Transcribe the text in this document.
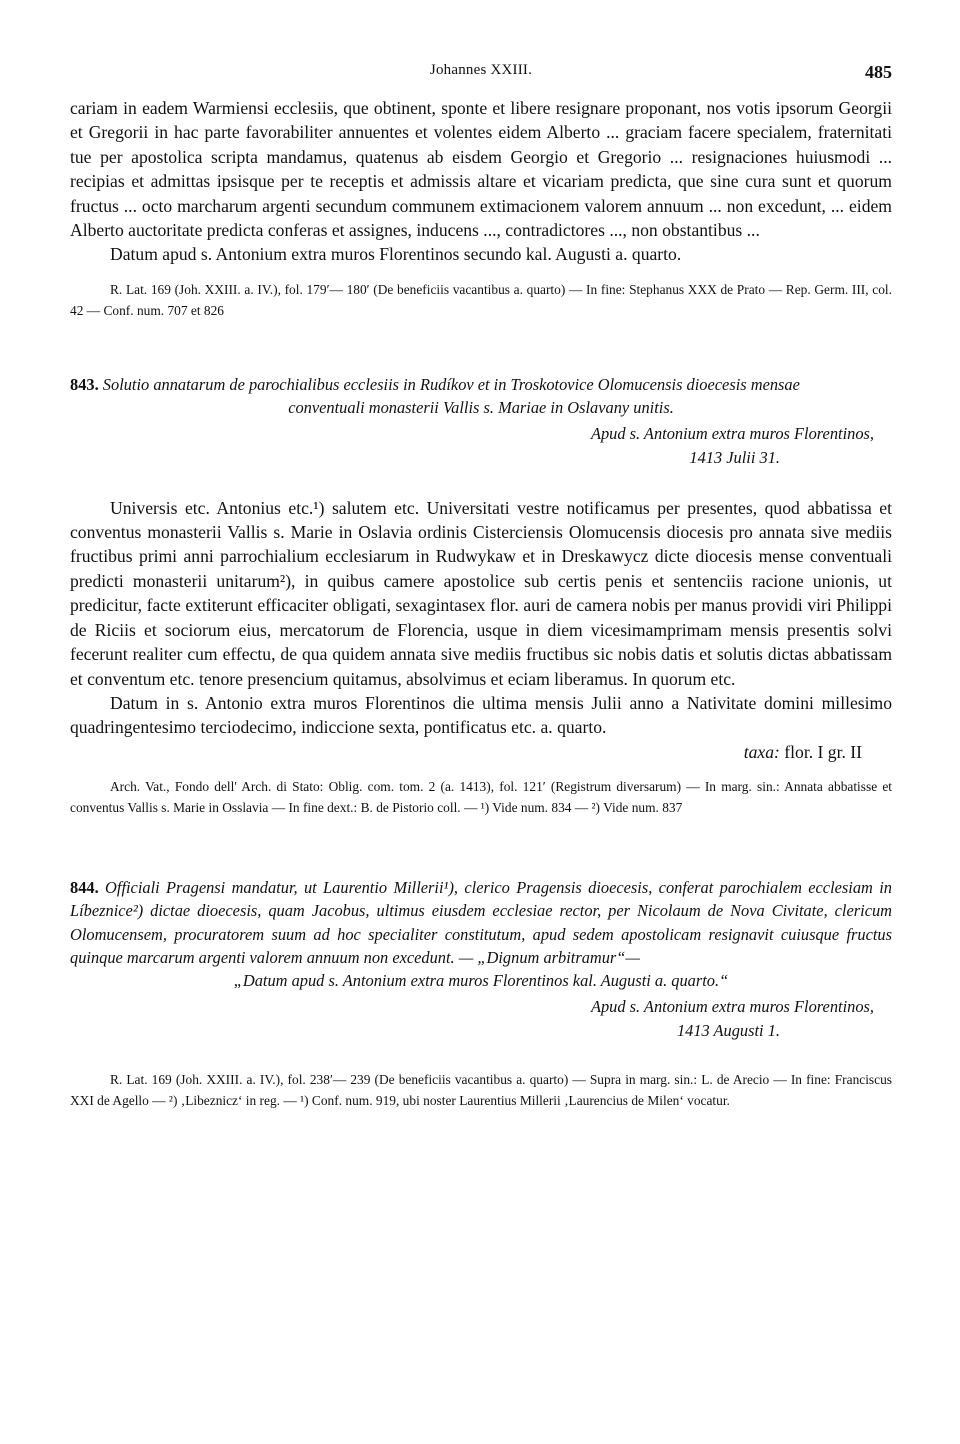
Johannes XXIII.	485

cariam in eadem Warmiensi ecclesiis, que obtinent, sponte et libere resignare proponant, nos votis ipsorum Georgii et Gregorii in hac parte favorabiliter annuentes et volentes eidem Alberto ... graciam facere specialem, fraternitati tue per apostolica scripta mandamus, quatenus ab eisdem Georgio et Gregorio ... resignaciones huiusmodi ... recipias et admittas ipsisque per te receptis et admissis altare et vicariam predicta, que sine cura sunt et quorum fructus ... octo marcharum argenti secundum communem extimacionem valorem annuum ... non excedunt, ... eidem Alberto auctoritate predicta conferas et assignes, inducens ..., contradictores ..., non obstantibus ...

Datum apud s. Antonium extra muros Florentinos secundo kal. Augusti a. quarto.

R. Lat. 169 (Joh. XXIII. a. IV.), fol. 179′— 180′ (De beneficiis vacantibus a. quarto) — In fine: Stephanus XXX de Prato — Rep. Germ. III, col. 42 — Conf. num. 707 et 826

843. Solutio annatarum de parochialibus ecclesiis in Rudíkov et in Troskotovice Olomucensis dioecesis mensae

conventuali monasterii Vallis s. Mariae in Oslavany unitis.

Apud s. Antonium extra muros Florentinos,
1413 Julii 31.

Universis etc. Antonius etc.¹) salutem etc. Universitati vestre notificamus per presentes, quod abbatissa et conventus monasterii Vallis s. Marie in Oslavia ordinis Cisterciensis Olomucensis diocesis pro annata sive mediis fructibus primi anni parrochialium ecclesiarum in Rudwykaw et in Dreskawycz dicte diocesis mense conventuali predicti monasterii unitarum²), in quibus camere apostolice sub certis penis et sentenciis racione unionis, ut predicitur, facte extiterunt efficaciter obligati, sexagintasex flor. auri de camera nobis per manus providi viri Philippi de Riciis et sociorum eius, mercatorum de Florencia, usque in diem vicesimamprimam mensis presentis solvi fecerunt realiter cum effectu, de qua quidem annata sive mediis fructibus sic nobis datis et solutis dictas abbatissam et conventum etc. tenore presencium quitamus, absolvimus et eciam liberamus. In quorum etc.

Datum in s. Antonio extra muros Florentinos die ultima mensis Julii anno a Nativitate domini millesimo quadringentesimo terciodecimo, indiccione sexta, pontificatus etc. a. quarto.

taxa: flor. I gr. II

Arch. Vat., Fondo dell' Arch. di Stato: Oblig. com. tom. 2 (a. 1413), fol. 121′ (Registrum diversarum) — In marg. sin.: Annata abbatisse et conventus Vallis s. Marie in Osslavia — In fine dext.: B. de Pistorio coll. — ¹) Vide num. 834 — ²) Vide num. 837

844. Officiali Pragensi mandatur, ut Laurentio Millerii¹), clerico Pragensis dioecesis, conferat parochialem ecclesiam in Líbeznice²) dictae dioecesis, quam Jacobus, ultimus eiusdem ecclesiae rector, per Nicolaum de Nova Civitate, clericum Olomucensem, procuratorem suum ad hoc specialiter constitutum, apud sedem apostolicam resignavit cuiusque fructus quinque marcarum argenti valorem annuum non excedunt. — „Dignum arbitramur“—

„Datum apud s. Antonium extra muros Florentinos kal. Augusti a. quarto.“

Apud s. Antonium extra muros Florentinos,
1413 Augusti 1.

R. Lat. 169 (Joh. XXIII. a. IV.), fol. 238′— 239 (De beneficiis vacantibus a. quarto) — Supra in marg. sin.: L. de Arecio — In fine: Franciscus XXI de Agello — ²) ‚Libeznicz‘ in reg. — ¹) Conf. num. 919, ubi noster Laurentius Millerii ‚Laurencius de Milen‘ vocatur.
